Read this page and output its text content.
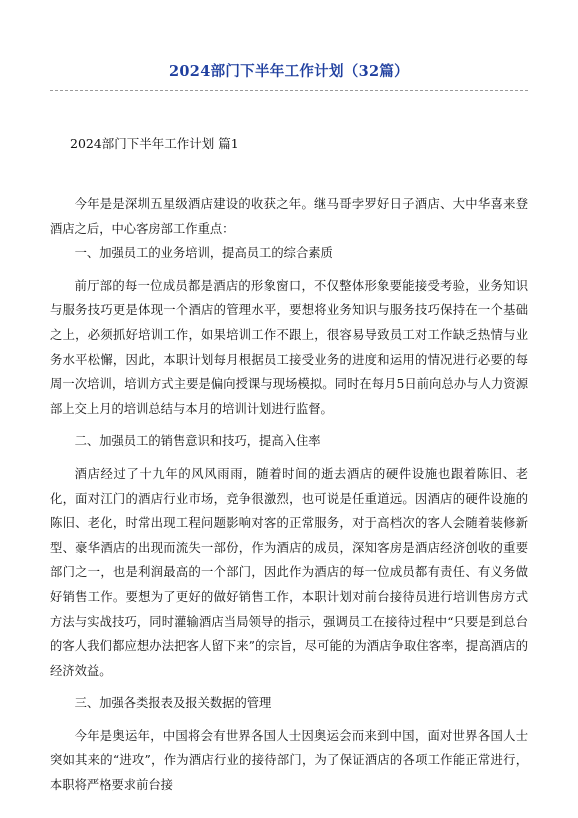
2024部门下半年工作计划（32篇）

2024部门下半年工作计划 篇1

今年是是深圳五星级酒店建设的收获之年。继马哥孛罗好日子酒店、大中华喜来登酒店之后，中心客房部工作重点：

一、加强员工的业务培训，提高员工的综合素质

前厅部的每一位成员都是酒店的形象窗口，不仅整体形象要能接受考验，业务知识与服务技巧更是体现一个酒店的管理水平，要想将业务知识与服务技巧保持在一个基础之上，必须抓好培训工作，如果培训工作不跟上，很容易导致员工对工作缺乏热情与业务水平松懈，因此，本职计划每月根据员工接受业务的进度和运用的情况进行必要的每周一次培训，培训方式主要是偏向授课与现场模拟。同时在每月5日前向总办与人力资源部上交上月的培训总结与本月的培训计划进行监督。

二、加强员工的销售意识和技巧，提高入住率

酒店经过了十九年的风风雨雨，随着时间的逝去酒店的硬件设施也跟着陈旧、老化，面对江门的酒店行业市场，竞争很激烈，也可说是任重道远。因酒店的硬件设施的陈旧、老化，时常出现工程问题影响对客的正常服务，对于高档次的客人会随着装修新型、豪华酒店的出现而流失一部份，作为酒店的成员，深知客房是酒店经济创收的重要部门之一，也是利润最高的一个部门，因此作为酒店的每一位成员都有责任、有义务做好销售工作。要想为了更好的做好销售工作，本职计划对前台接待员进行培训售房方式方法与实战技巧，同时灌输酒店当局领导的指示，强调员工在接待过程中“只要是到总台的客人我们都应想办法把客人留下来”的宗旨，尽可能的为酒店争取住客率，提高酒店的经济效益。

三、加强各类报表及报关数据的管理

今年是奥运年，中国将会有世界各国人士因奥运会而来到中国，面对世界各国人士突如其来的“进攻”，作为酒店行业的接待部门，为了保证酒店的各项工作能正常进行，本职将严格要求前台接
